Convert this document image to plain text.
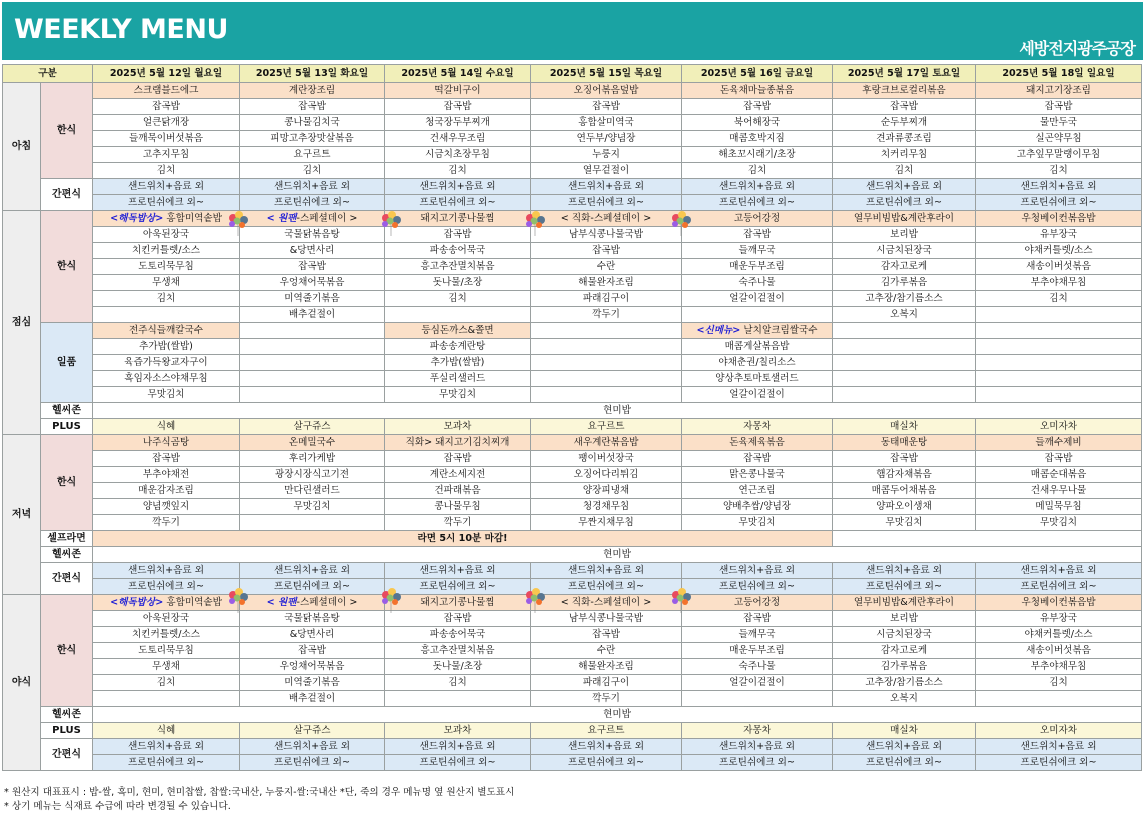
WEEKLY MENU
세방전지광주공장
구분		2025년 5월 12일 월요일	2025년 5월 13일 화요일	2025년 5월 14일 수요일	2025년 5월 15일 목요일	2025년 5월 16일 금요일	2025년 5월 17일 토요일	2025년 5월 18일 일요일
아침	한식	스크램블드에그	계란장조림	떡갈비구이	오징어볶음덮밥	돈육채마늘종볶음	후랑크브로컬리볶음	돼지고기장조림
		잡곡밥	잡곡밥	잡곡밥	잡곡밥	잡곡밥	잡곡밥	잡곡밥
		얼큰닭개장	콩나물김치국	청국장두부찌개	홍합살미역국	북어해장국	순두부찌개	물만두국
		들깨묵이버섯볶음	피망고추장맛살볶음	건새우무조림	연두부/양념장	매콤호박지짐	견과류콩조림	실곤약무침
		고추지무침	요구르트	시금치초장무침	누룽지	해초꼬시래기/초장	치커리무침	고추잎무말랭이무침
		김치	김치	김치	열무겉절이	김치	김치	김치
	간편식	샌드위치+음료 외	샌드위치+음료 외	샌드위치+음료 외	샌드위치+음료 외	샌드위치+음료 외	샌드위치+음료 외	샌드위치+음료 외
		프로틴쉬에크 외~	프로틴쉬에크 외~	프로틴쉬에크 외~	프로틴쉬에크 외~	프로틴쉬에크 외~	프로틴쉬에크 외~	프로틴쉬에크 외~
점심	한식	<해독밥상> 홍합미역솥밥	< 원팬-스페셜데이 >	돼지고기콩나물찜	< 직화-스페셜데이 >	고등어강정	열무비빔밥&계란후라이	우청베이컨볶음밥
		아욱된장국	국물닭볶음탕	잡곡밥	남부식콩나물국밥	잡곡밥	보리밥	유부장국
		치킨커틀렛/소스	&당면사리	파송송어묵국	잡곡밥	들깨무국	시금치된장국	야채커틀렛/소스
		도토리묵무침	잡곡밥	흥고추잔멸치볶음	수란	매운두부조림	감자고로케	새송이버섯볶음
		무생채	우엉채어묵볶음	돗나물/초장	해물완자조림	숙주나물	김가루볶음	부추야채무침
		김치	미역줄기볶음	김치	파래김구이	얼갈이겉절이	고추장/참기름소스	김치
			배추겉절이		깍두기		오복지	
	일품	전주식들깨칼국수		등심돈까스&쫄면		<신메뉴> 날치알크림쌀국수		
		추가밥(쌀밥)		파송송계란탕		매콤게살볶음밥		
		육즙가득왕교자구이		추가밥(쌀밥)		야채춘권/칠리소스		
		흑임자소스야채무침		푸실리샐러드		양상추토마토샐러드		
		무맛김치		무맛김치		얼갈이겉절이		
	헬씨존	현미밥						
	PLUS	식혜	살구쥬스	모과차	요구르트	자몽차	매실차	오미자차
저녁	한식	나주식곰탕	온메밀국수	직화> 돼지고기김치찌개	새우계란볶음밥	돈육제육볶음	동태매운탕	들깨수제비
		잡곡밥	후리가케밥	잡곡밥	팽이버섯장국	잡곡밥	잡곡밥	잡곡밥
		부추야채전	광장시장식고기전	계란소세지전	오징어다리튀김	맑은콩나물국	햄감자채볶음	매콤순대볶음
		매운감자조림	만다린샐러드	건파래볶음	양장피냉채	연근조림	매콤두어채볶음	건새우무나물
		양념깻잎지	무맛김치	콩나물무침	청경채무침	양배추쌈/양념장	양파오이생채	메밀묵무침
		깍두기		깍두기	무짠지채무침	무맛김치	무맛김치	무맛김치
	셀프라면	라면 5시 10분 마감!						
	헬씨존	현미밥						
	간편식	샌드위치+음료 외	샌드위치+음료 외	샌드위치+음료 외	샌드위치+음료 외	샌드위치+음료 외	샌드위치+음료 외	샌드위치+음료 외
		프로틴쉬에크 외~	프로틴쉬에크 외~	프로틴쉬에크 외~	프로틴쉬에크 외~	프로틴쉬에크 외~	프로틴쉬에크 외~	프로틴쉬에크 외~
야식	한식	<해독밥상> 홍합미역솥밥	< 원팬-스페셜데이 >	돼지고기콩나물찜	< 직화-스페셜데이 >	고등어강정	열무비빔밥&계란후라이	우청베이컨볶음밥
		아욱된장국	국물닭볶음탕	잡곡밥	남부식콩나물국밥	잡곡밥	보리밥	유부장국
		치킨커틀렛/소스	&당면사리	파송송어묵국	잡곡밥	들깨무국	시금치된장국	야채커틀렛/소스
		도토리묵무침	잡곡밥	흥고추잔멸치볶음	수란	매운두부조림	감자고로케	새송이버섯볶음
		무생채	우엉채어묵볶음	돗나물/초장	해물완자조림	숙주나물	김가루볶음	부추야채무침
		김치	미역줄기볶음	김치	파래김구이	얼갈이겉절이	고추장/참기름소스	김치
			배추겉절이		깍두기		오복지	
	헬씨존	현미밥						
	PLUS	식혜	살구쥬스	모과차	요구르트	자몽차	매실차	오미자차
	간편식	샌드위치+음료 외	샌드위치+음료 외	샌드위치+음료 외	샌드위치+음료 외	샌드위치+음료 외	샌드위치+음료 외	샌드위치+음료 외
		프로틴쉬에크 외~	프로틴쉬에크 외~	프로틴쉬에크 외~	프로틴쉬에크 외~	프로틴쉬에크 외~	프로틴쉬에크 외~	프로틴쉬에크 외~
* 원산지 대표표시 : 밥-쌀, 흑미, 현미, 현미찹쌀, 찹쌀:국내산, 누룽지-쌀:국내산 *단, 죽의 경우 메뉴명 옆 원산지 별도표시
* 상기 메뉴는 식재료 수급에 따라 변경될 수 있습니다.
